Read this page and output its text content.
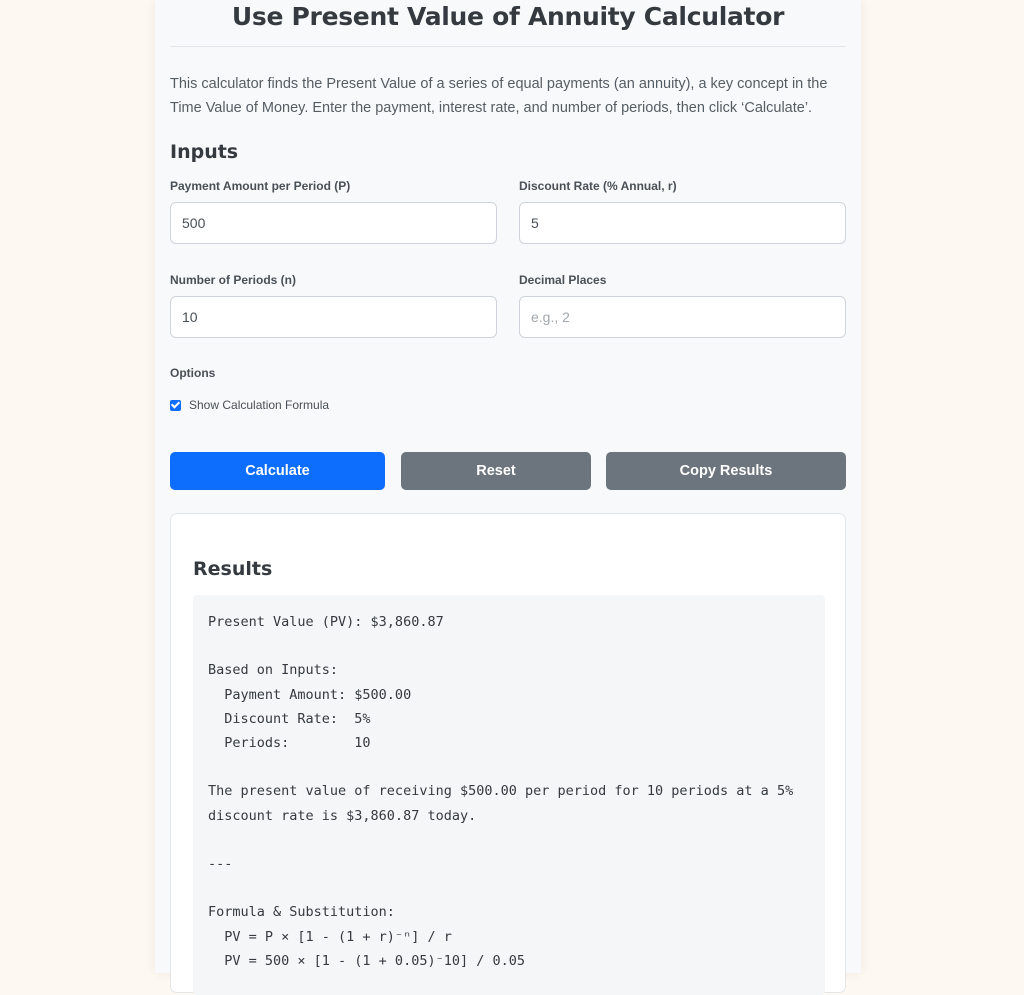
Use Present Value of Annuity Calculator
This calculator finds the Present Value of a series of equal payments (an annuity), a key concept in the Time Value of Money. Enter the payment, interest rate, and number of periods, then click ‘Calculate’.
Inputs
Payment Amount per Period (P)
500	Discount Rate (% Annual, r)
5
Number of Periods (n)
10	Decimal Places
e.g., 2
Options
Show Calculation Formula
Calculate	Reset	Copy Results
Results
Present Value (PV): $3,860.87

Based on Inputs:
Payment Amount: $500.00
Discount Rate:  5%
Periods:        10

The present value of receiving $500.00 per period for 10 periods at a 5%
discount rate is $3,860.87 today.

---

Formula & Substitution:
PV = P × [1 - (1 + r)⁻ⁿ] / r
PV = 500 × [1 - (1 + 0.05)⁻10] / 0.05
